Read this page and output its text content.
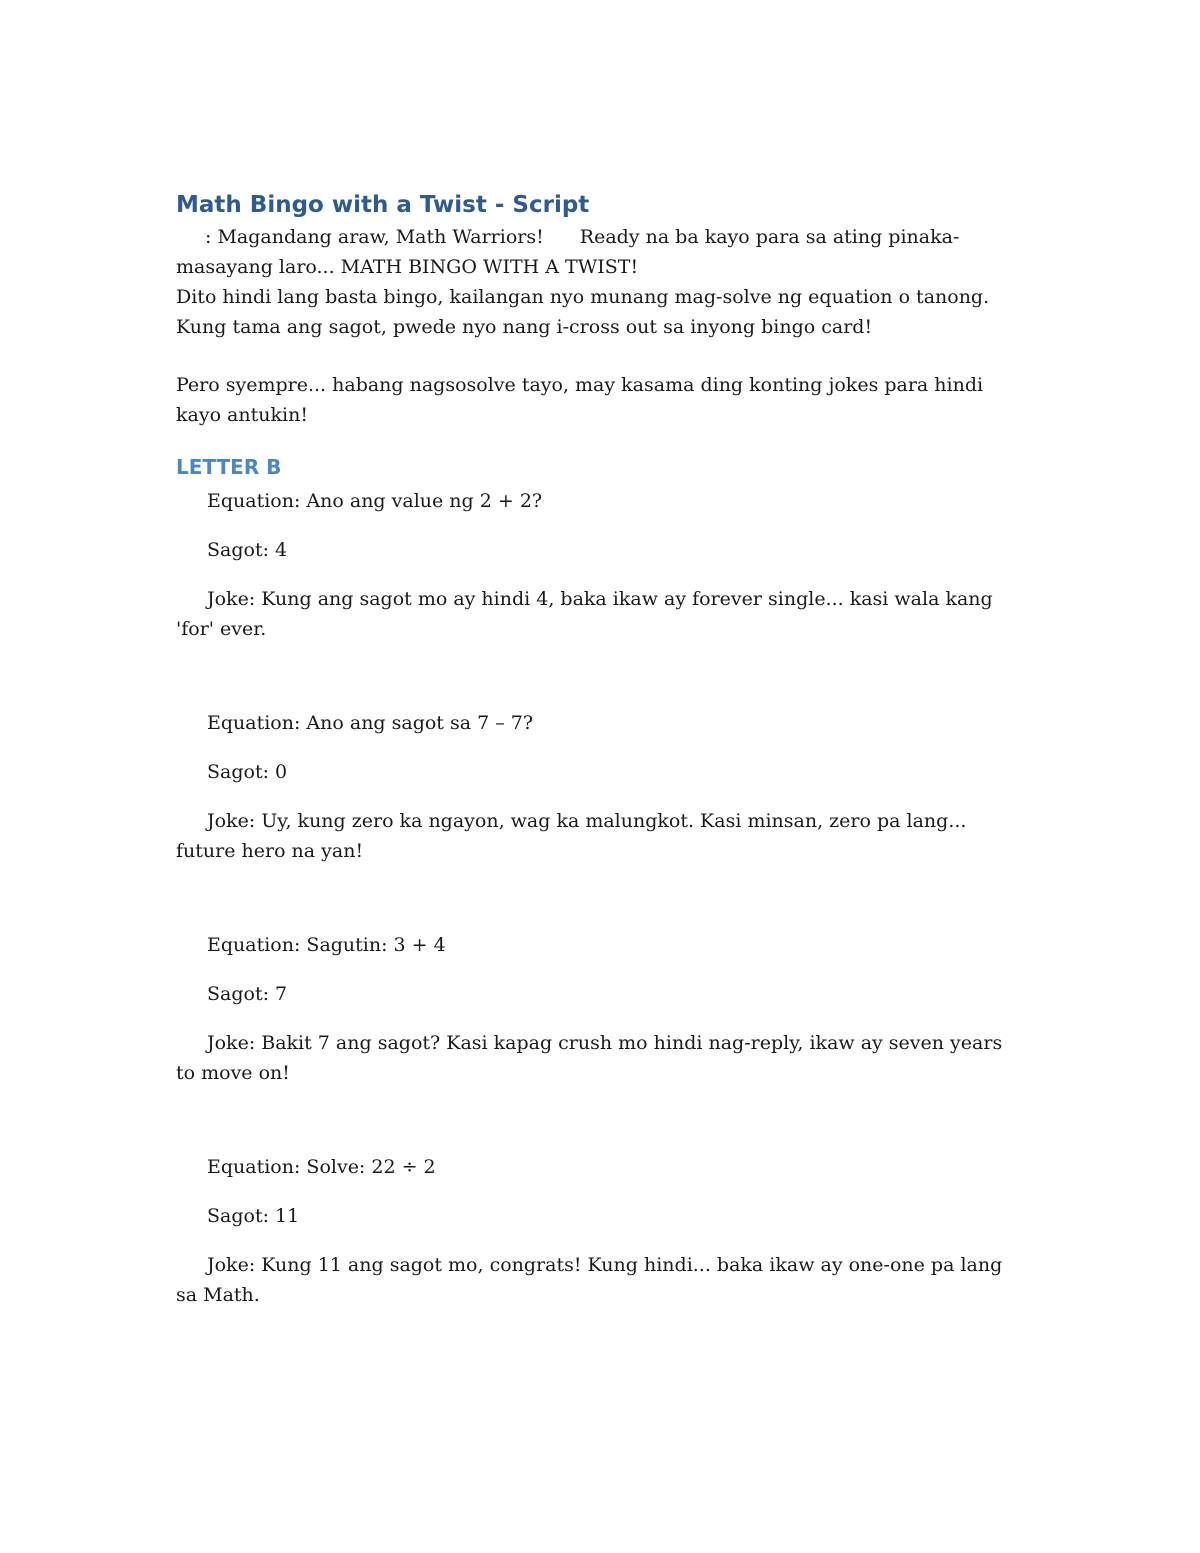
Math Bingo with a Twist - Script

: Magandang araw, Math Warriors! Ready na ba kayo para sa ating pinaka-masayang laro... MATH BINGO WITH A TWIST!

Dito hindi lang basta bingo, kailangan nyo munang mag-solve ng equation o tanong. Kung tama ang sagot, pwede nyo nang i-cross out sa inyong bingo card!

Pero syempre... habang nagsosolve tayo, may kasama ding konting jokes para hindi kayo antukin!

LETTER B

Equation: Ano ang value ng 2 + 2?

Sagot: 4

Joke: Kung ang sagot mo ay hindi 4, baka ikaw ay forever single... kasi wala kang 'for' ever.

Equation: Ano ang sagot sa 7 – 7?

Sagot: 0

Joke: Uy, kung zero ka ngayon, wag ka malungkot. Kasi minsan, zero pa lang... future hero na yan!

Equation: Sagutin: 3 + 4

Sagot: 7

Joke: Bakit 7 ang sagot? Kasi kapag crush mo hindi nag-reply, ikaw ay seven years to move on!

Equation: Solve: 22 ÷ 2

Sagot: 11

Joke: Kung 11 ang sagot mo, congrats! Kung hindi... baka ikaw ay one-one pa lang sa Math.
